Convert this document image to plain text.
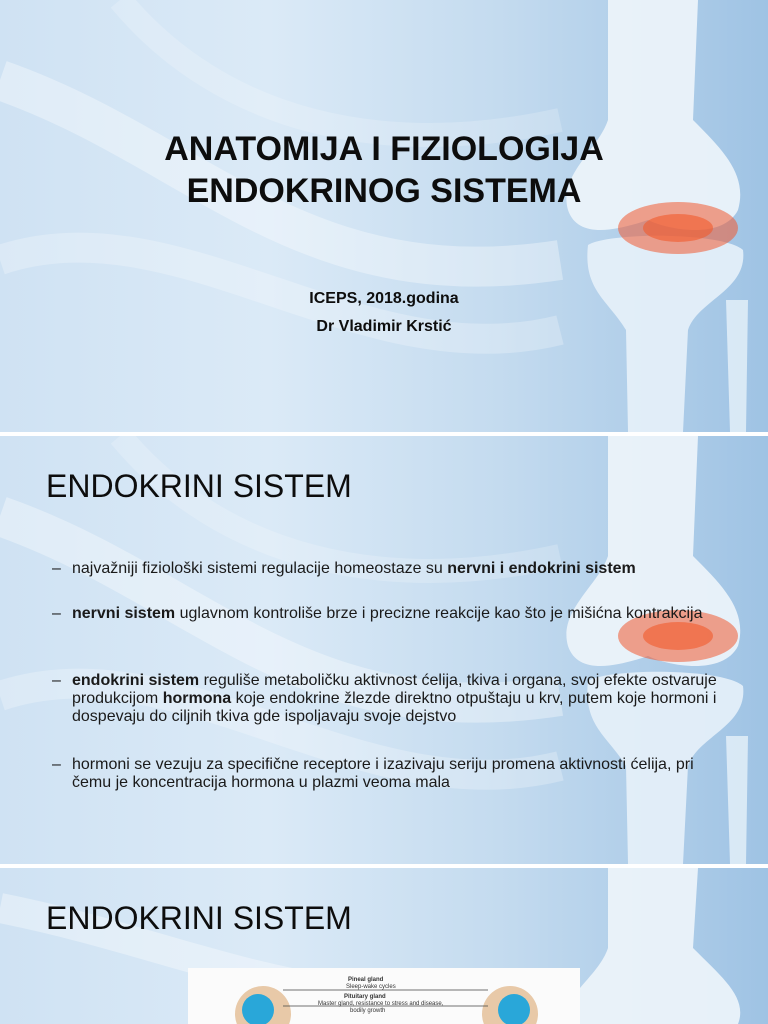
ANATOMIJA I FIZIOLOGIJA
ENDOKRINOG SISTEMA
ICEPS, 2018.godina
Dr Vladimir Krstić
ENDOKRINI SISTEM
– najvažniji fiziološki sistemi regulacije homeostaze su nervni i endokrini sistem
– nervni sistem uglavnom kontroliše brze i precizne reakcije kao što je mišićna kontrakcija
– endokrini sistem reguliše metaboličku aktivnost ćelija, tkiva i organa, svoj efekte ostvaruje produkcijom hormona koje endokrine žlezde direktno otpuštaju u krv, putem koje hormoni i dospevaju do ciljnih tkiva gde ispoljavaju svoje dejstvo
– hormoni se vezuju za specifične receptore i izazivaju seriju promena aktivnosti ćelija, pri čemu je koncentracija hormona u plazmi veoma mala
ENDOKRINI SISTEM
Pineal gland
Sleep-wake cycles
Pituitary gland
Master gland, resistance to stress and disease,
bodily growth
